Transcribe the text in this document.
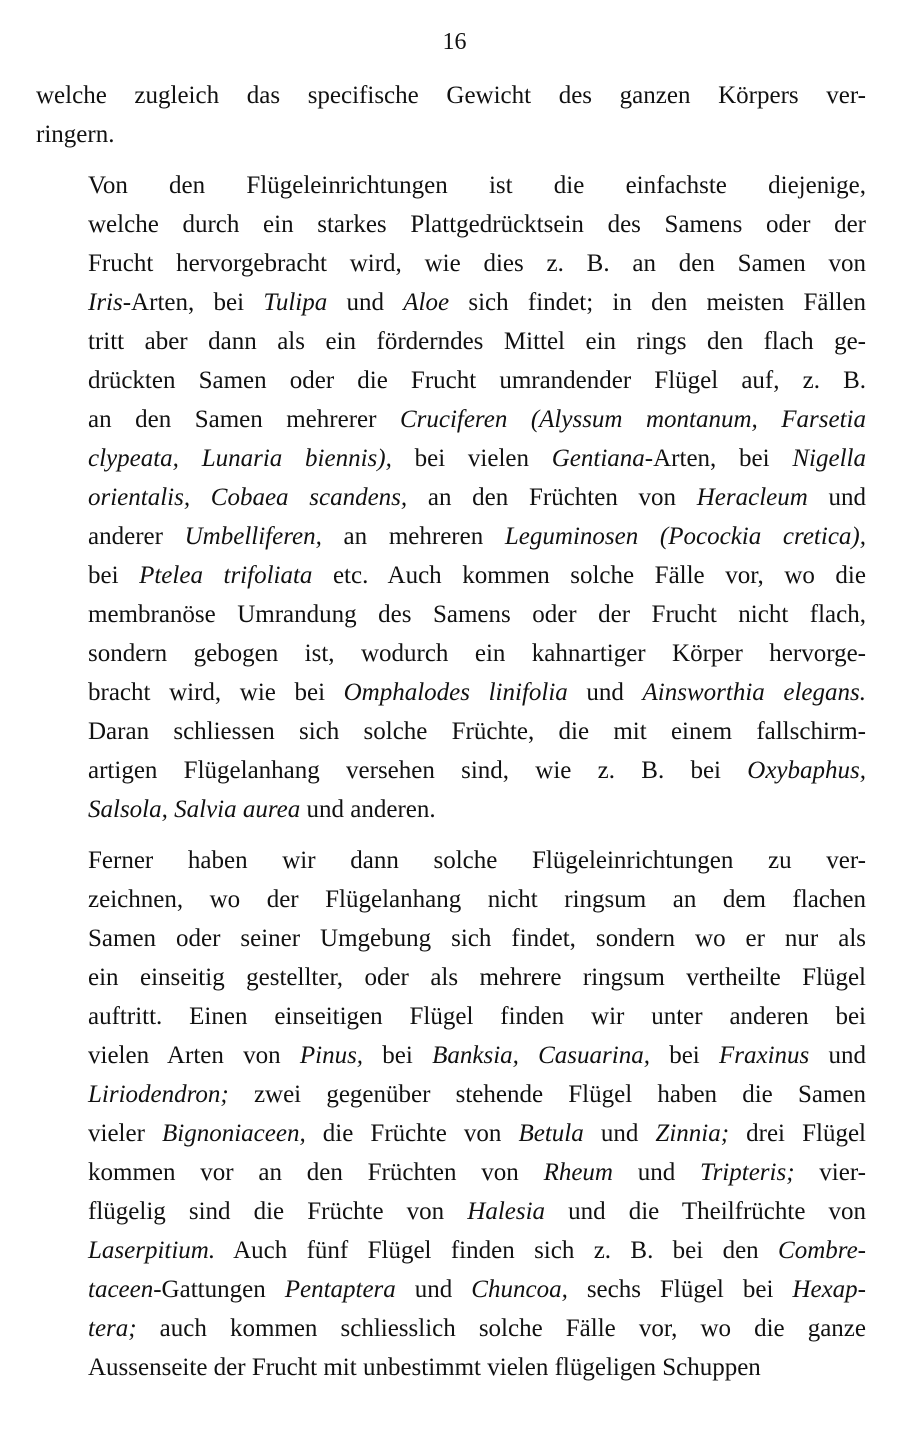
16

welche zugleich das specifische Gewicht des ganzen Körpers ver-
ringern.

Von den Flügeleinrichtungen ist die einfachste diejenige,
welche durch ein starkes Plattgedrücktsein des Samens oder der
Frucht hervorgebracht wird, wie dies z. B. an den Samen von
Iris-Arten, bei Tulipa und Aloe sich findet; in den meisten Fällen
tritt aber dann als ein förderndes Mittel ein rings den flach ge-
drückten Samen oder die Frucht umrandender Flügel auf, z. B.
an den Samen mehrerer Cruciferen (Alyssum montanum, Farsetia
clypeata, Lunaria biennis), bei vielen Gentiana-Arten, bei Nigella
orientalis, Cobaea scandens, an den Früchten von Heracleum und
anderer Umbelliferen, an mehreren Leguminosen (Pocockia cretica),
bei Ptelea trifoliata etc. Auch kommen solche Fälle vor, wo die
membranöse Umrandung des Samens oder der Frucht nicht flach,
sondern gebogen ist, wodurch ein kahnartiger Körper hervorge-
bracht wird, wie bei Omphalodes linifolia und Ainsworthia elegans.
Daran schliessen sich solche Früchte, die mit einem fallschirm-
artigen Flügelanhang versehen sind, wie z. B. bei Oxybaphus,
Salsola, Salvia aurea und anderen.

Ferner haben wir dann solche Flügeleinrichtungen zu ver-
zeichnen, wo der Flügelanhang nicht ringsum an dem flachen
Samen oder seiner Umgebung sich findet, sondern wo er nur als
ein einseitig gestellter, oder als mehrere ringsum vertheilte Flügel
auftritt. Einen einseitigen Flügel finden wir unter anderen bei
vielen Arten von Pinus, bei Banksia, Casuarina, bei Fraxinus und
Liriodendron; zwei gegenüber stehende Flügel haben die Samen
vieler Bignoniaceen, die Früchte von Betula und Zinnia; drei Flügel
kommen vor an den Früchten von Rheum und Tripteris; vier-
flügelig sind die Früchte von Halesia und die Theilfrüchte von
Laserpitium. Auch fünf Flügel finden sich z. B. bei den Combre-
taceen-Gattungen Pentaptera und Chuncoa, sechs Flügel bei Hexap-
tera; auch kommen schliesslich solche Fälle vor, wo die ganze
Aussenseite der Frucht mit unbestimmt vielen flügeligen Schuppen
